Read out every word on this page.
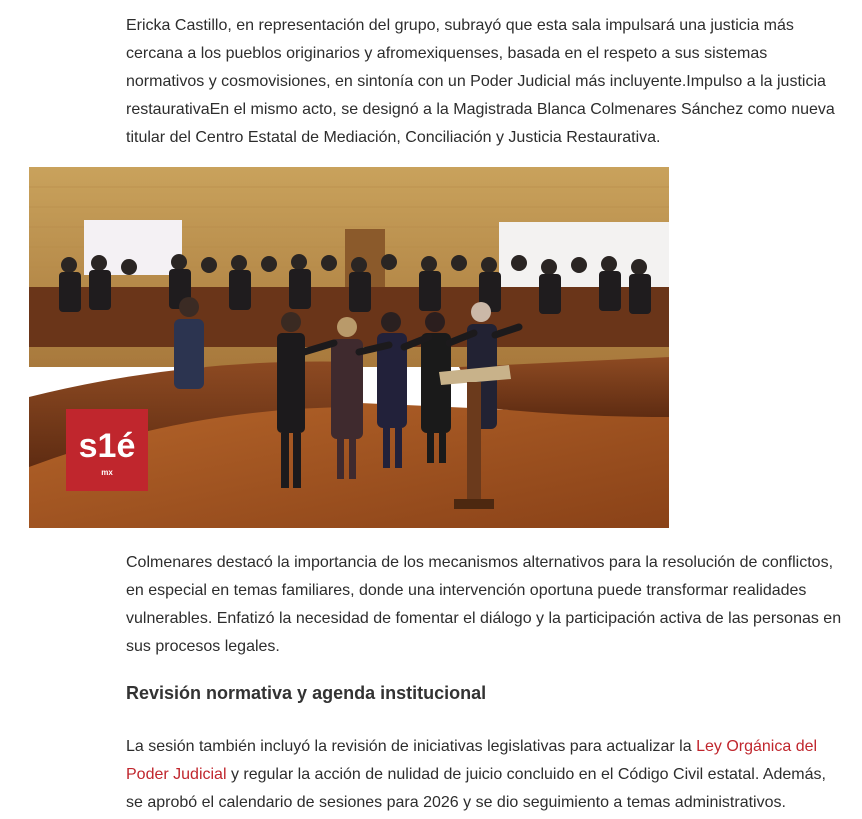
Ericka Castillo, en representación del grupo, subrayó que esta sala impulsará una justicia más cercana a los pueblos originarios y afromexiquenses, basada en el respeto a sus sistemas normativos y cosmovisiones, en sintonía con un Poder Judicial más incluyente.Impulso a la justicia restaurativaEn el mismo acto, se designó a la Magistrada Blanca Colmenares Sánchez como nueva titular del Centro Estatal de Mediación, Conciliación y Justicia Restaurativa.

s1é
mx

Colmenares destacó la importancia de los mecanismos alternativos para la resolución de conflictos, en especial en temas familiares, donde una intervención oportuna puede transformar realidades vulnerables. Enfatizó la necesidad de fomentar el diálogo y la participación activa de las personas en sus procesos legales.

Revisión normativa y agenda institucional

La sesión también incluyó la revisión de iniciativas legislativas para actualizar la Ley Orgánica del Poder Judicial y regular la acción de nulidad de juicio concluido en el Código Civil estatal. Además, se aprobó el calendario de sesiones para 2026 y se dio seguimiento a temas administrativos.
